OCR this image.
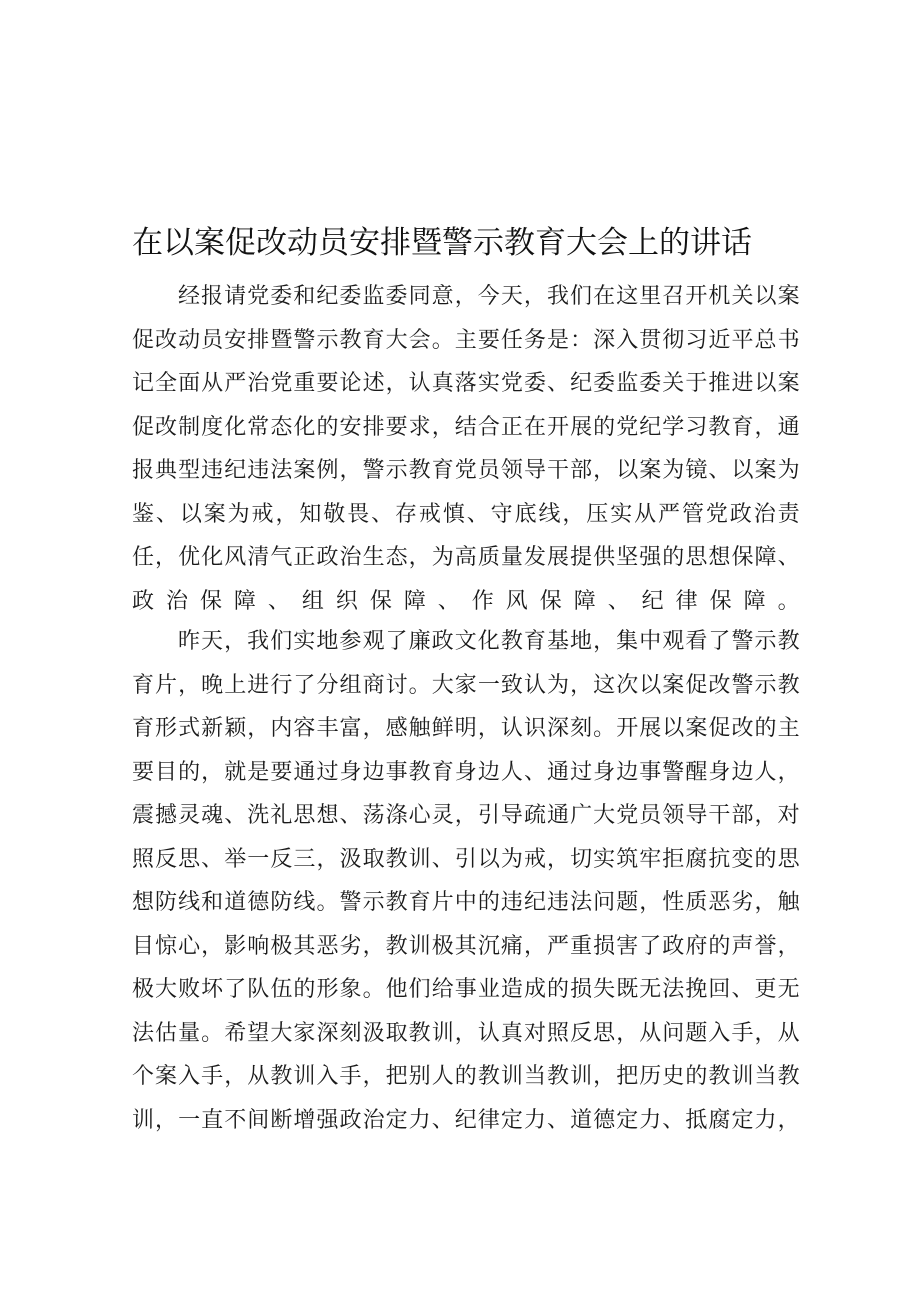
在以案促改动员安排暨警示教育大会上的讲话

经报请党委和纪委监委同意，今天，我们在这里召开机关以案促改动员安排暨警示教育大会。主要任务是：深入贯彻习近平总书记全面从严治党重要论述，认真落实党委、纪委监委关于推进以案促改制度化常态化的安排要求，结合正在开展的党纪学习教育，通报典型违纪违法案例，警示教育党员领导干部，以案为镜、以案为鉴、以案为戒，知敬畏、存戒慎、守底线，压实从严管党政治责任，优化风清气正政治生态，为高质量发展提供坚强的思想保障、政治保障、组织保障、作风保障、纪律保障。

昨天，我们实地参观了廉政文化教育基地，集中观看了警示教育片，晚上进行了分组商讨。大家一致认为，这次以案促改警示教育形式新颖，内容丰富，感触鲜明，认识深刻。开展以案促改的主要目的，就是要通过身边事教育身边人、通过身边事警醒身边人，震撼灵魂、洗礼思想、荡涤心灵，引导疏通广大党员领导干部，对照反思、举一反三，汲取教训、引以为戒，切实筑牢拒腐抗变的思想防线和道德防线。警示教育片中的违纪违法问题，性质恶劣，触目惊心，影响极其恶劣，教训极其沉痛，严重损害了政府的声誉，极大败坏了队伍的形象。他们给事业造成的损失既无法挽回、更无法估量。希望大家深刻汲取教训，认真对照反思，从问题入手，从个案入手，从教训入手，把别人的教训当教训，把历史的教训当教训，一直不间断增强政治定力、纪律定力、道德定力、抵腐定力，
